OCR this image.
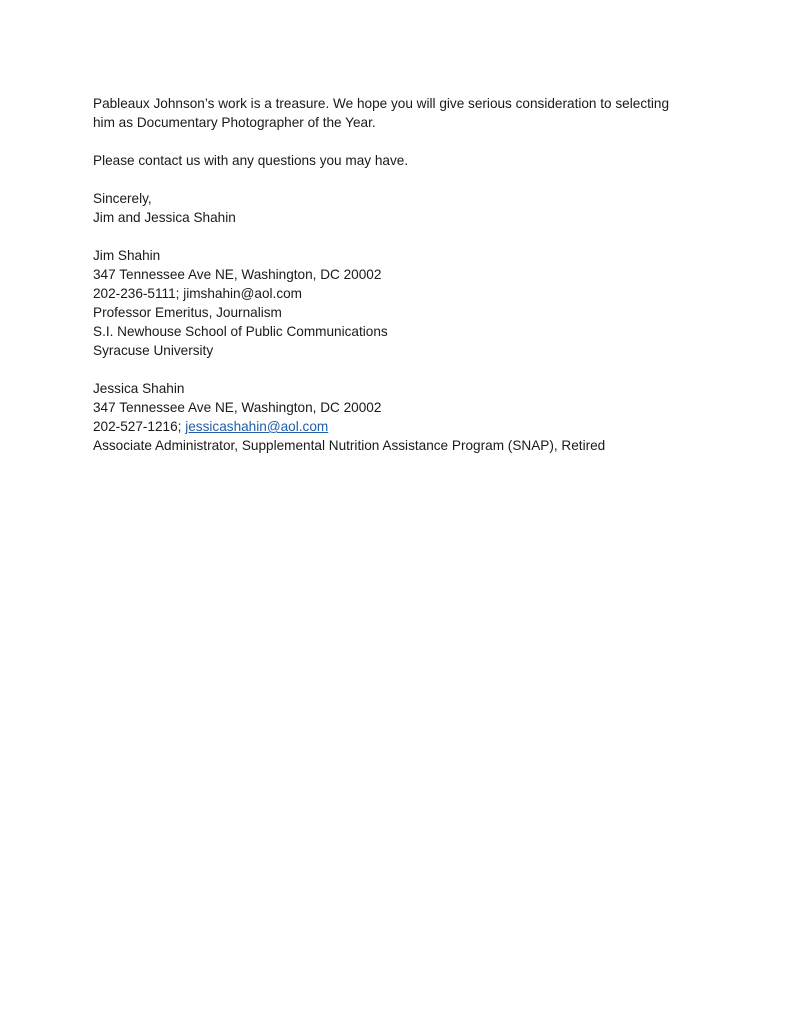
Pableaux Johnson’s work is a treasure. We hope you will give serious consideration to selecting
him as Documentary Photographer of the Year.
Please contact us with any questions you may have.
Sincerely,
Jim and Jessica Shahin
Jim Shahin
347 Tennessee Ave NE, Washington, DC 20002
202-236-5111; jimshahin@aol.com
Professor Emeritus, Journalism
S.I. Newhouse School of Public Communications
Syracuse University
Jessica Shahin
347 Tennessee Ave NE, Washington, DC 20002
202-527-1216; jessicashahin@aol.com
Associate Administrator, Supplemental Nutrition Assistance Program (SNAP), Retired
